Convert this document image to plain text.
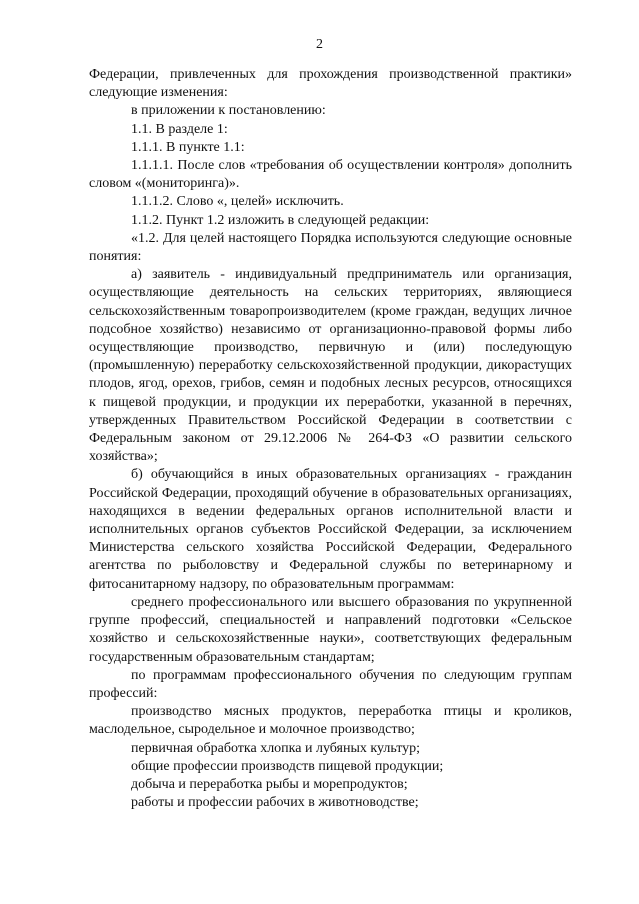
2

Федерации, привлеченных для прохождения производственной практики» следующие изменения:

в приложении к постановлению:

1.1. В разделе 1:

1.1.1. В пункте 1.1:

1.1.1.1. После слов «требования об осуществлении контроля» дополнить словом «(мониторинга)».

1.1.1.2. Слово «, целей» исключить.

1.1.2. Пункт 1.2 изложить в следующей редакции:

«1.2. Для целей настоящего Порядка используются следующие основные понятия:

а) заявитель - индивидуальный предприниматель или организация, осуществляющие деятельность на сельских территориях, являющиеся сельскохозяйственным товаропроизводителем (кроме граждан, ведущих личное подсобное хозяйство) независимо от организационно-правовой формы либо осуществляющие производство, первичную и (или) последующую (промышленную) переработку сельскохозяйственной продукции, дикорастущих плодов, ягод, орехов, грибов, семян и подобных лесных ресурсов, относящихся к пищевой продукции, и продукции их переработки, указанной в перечнях, утвержденных Правительством Российской Федерации в соответствии с Федеральным законом от 29.12.2006 № 264-ФЗ «О развитии сельского хозяйства»;

б) обучающийся в иных образовательных организациях - гражданин Российской Федерации, проходящий обучение в образовательных организациях, находящихся в ведении федеральных органов исполнительной власти и исполнительных органов субъектов Российской Федерации, за исключением Министерства сельского хозяйства Российской Федерации, Федерального агентства по рыболовству и Федеральной службы по ветеринарному и фитосанитарному надзору, по образовательным программам:

среднего профессионального или высшего образования по укрупненной группе профессий, специальностей и направлений подготовки «Сельское хозяйство и сельскохозяйственные науки», соответствующих федеральным государственным образовательным стандартам;

по программам профессионального обучения по следующим группам профессий:

производство мясных продуктов, переработка птицы и кроликов, маслодельное, сыродельное и молочное производство;

первичная обработка хлопка и лубяных культур;

общие профессии производств пищевой продукции;

добыча и переработка рыбы и морепродуктов;

работы и профессии рабочих в животноводстве;
